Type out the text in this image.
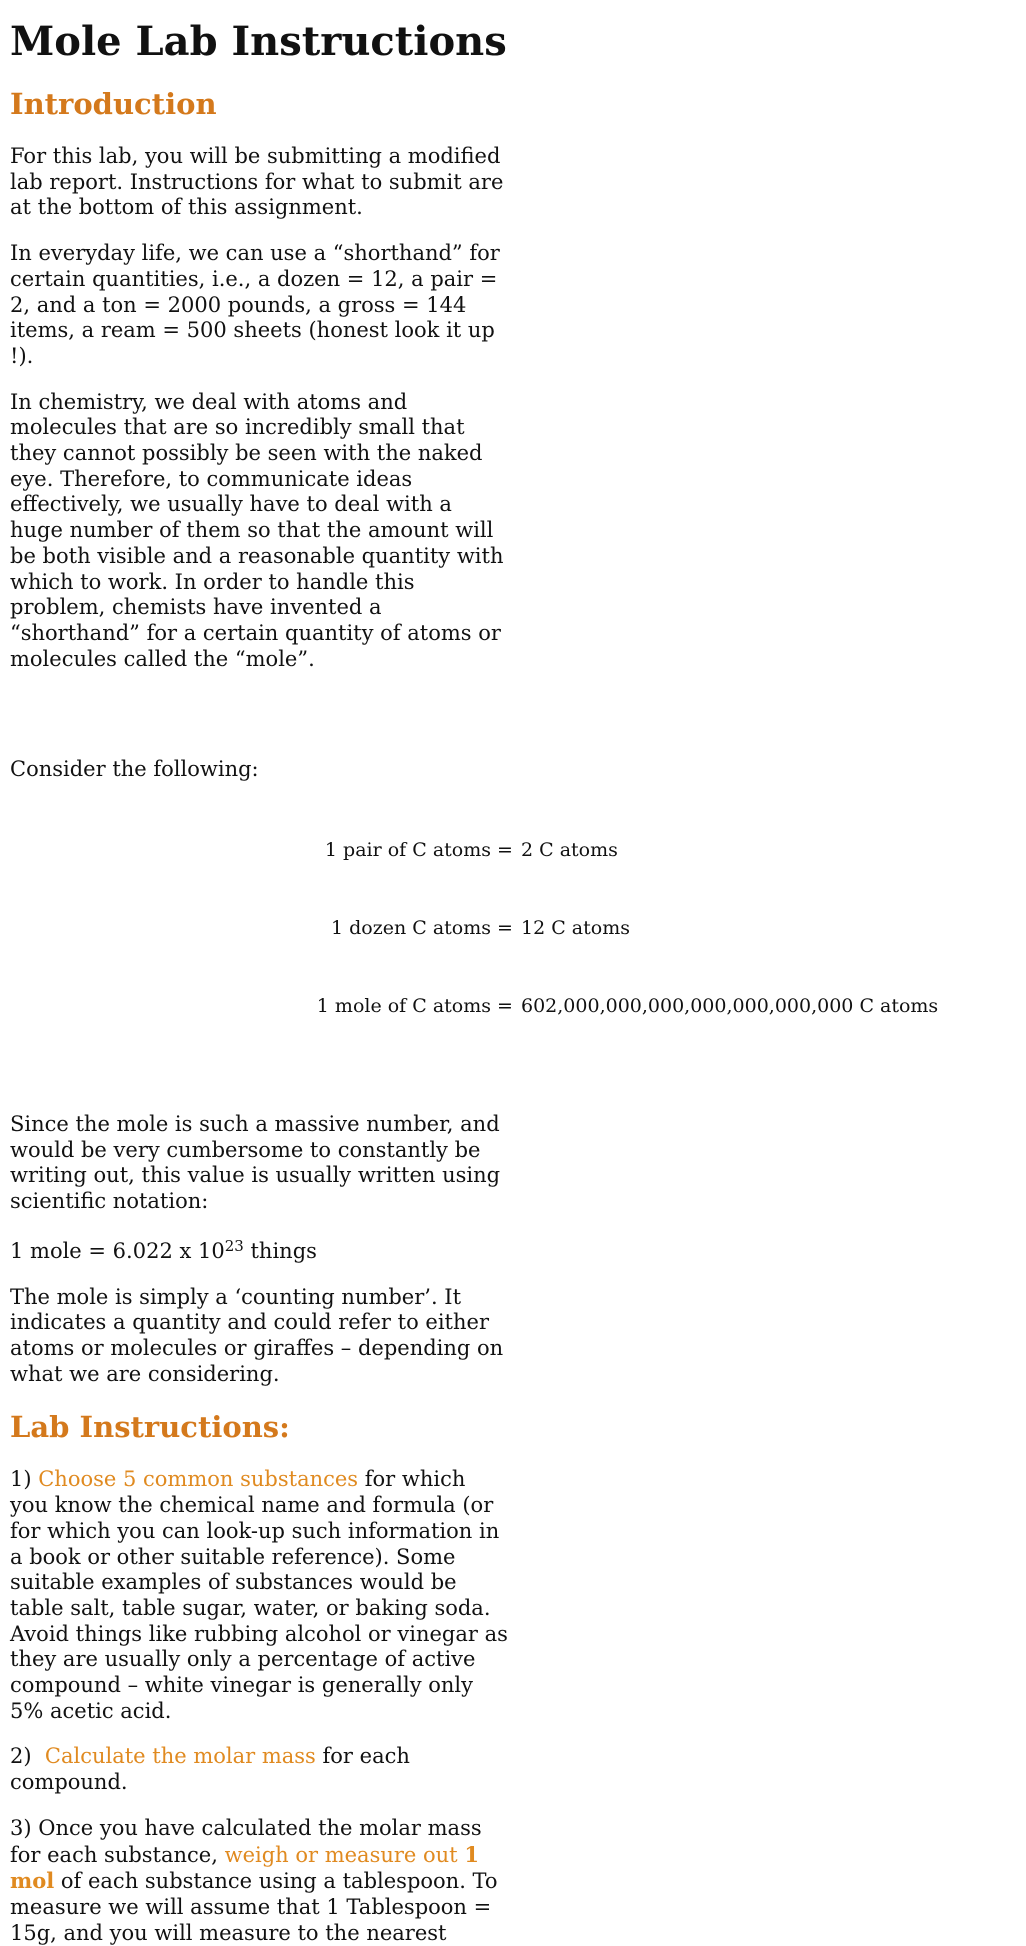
Mole Lab Instructions
Introduction

For this lab, you will be submitting a modified lab report. Instructions for what to submit are at the bottom of this assignment.

In everyday life, we can use a “shorthand” for certain quantities, i.e., a dozen = 12, a pair = 2, and a ton = 2000 pounds, a gross = 144 items, a ream = 500 sheets (honest look it up !).

In chemistry, we deal with atoms and molecules that are so incredibly small that they cannot possibly be seen with the naked eye. Therefore, to communicate ideas effectively, we usually have to deal with a huge number of them so that the amount will be both visible and a reasonable quantity with which to work. In order to handle this problem, chemists have invented a “shorthand” for a certain quantity of atoms or molecules called the “mole”.

Consider the following:

1 pair of C atoms = 2 C atoms
1 dozen C atoms = 12 C atoms
1 mole of C atoms = 602,000,000,000,000,000,000,000 C atoms

Since the mole is such a massive number, and would be very cumbersome to constantly be writing out, this value is usually written using scientific notation:

1 mole = 6.022 x $10^{23}$ things

The mole is simply a ‘counting number’. It indicates a quantity and could refer to either atoms or molecules or giraffes – depending on what we are considering.

Lab Instructions:

1) Choose 5 common substances for which you know the chemical name and formula (or for which you can look-up such information in a book or other suitable reference). Some suitable examples of substances would be table salt, table sugar, water, or baking soda. Avoid things like rubbing alcohol or vinegar as they are usually only a percentage of active compound – white vinegar is generally only 5% acetic acid.

2)  Calculate the molar mass for each compound.

3) Once you have calculated the molar mass for each substance, weigh or measure out 1 mol of each substance using a tablespoon. To measure we will assume that 1 Tablespoon = 15g, and you will measure to the nearest
